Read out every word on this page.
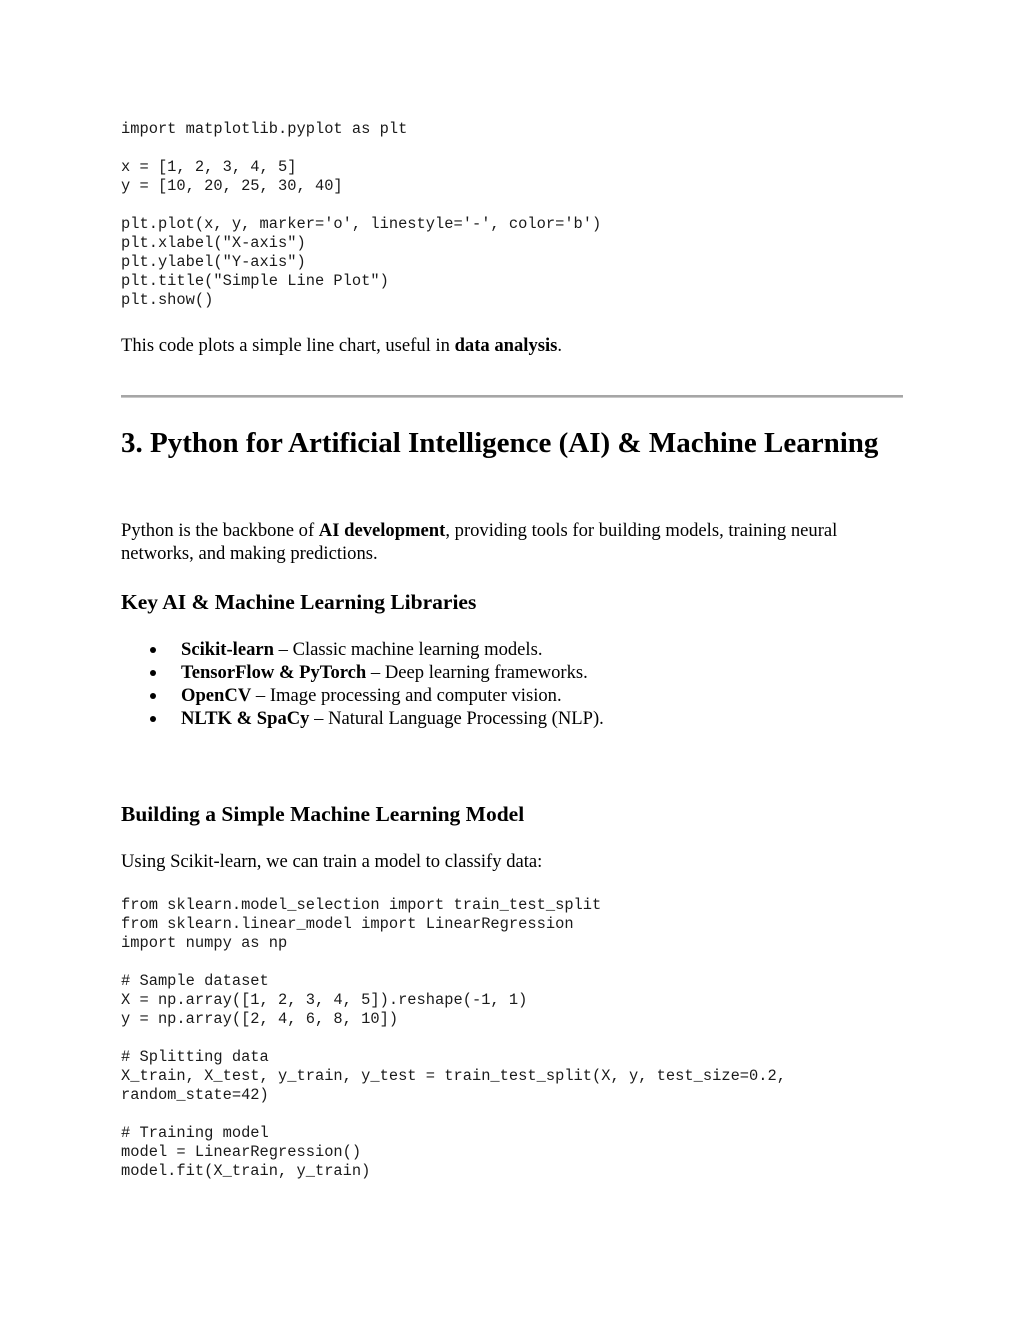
import matplotlib.pyplot as plt
x = [1, 2, 3, 4, 5]
y = [10, 20, 25, 30, 40]
plt.plot(x, y, marker='o', linestyle='-', color='b')
plt.xlabel("X-axis")
plt.ylabel("Y-axis")
plt.title("Simple Line Plot")
plt.show()

This code plots a simple line chart, useful in data analysis.

3. Python for Artificial Intelligence (AI) & Machine Learning

Python is the backbone of AI development, providing tools for building models, training neural networks, and making predictions.

Key AI & Machine Learning Libraries
Scikit-learn – Classic machine learning models.
TensorFlow & PyTorch – Deep learning frameworks.
OpenCV – Image processing and computer vision.
NLTK & SpaCy – Natural Language Processing (NLP).
Building a Simple Machine Learning Model

Using Scikit-learn, we can train a model to classify data:

from sklearn.model_selection import train_test_split
from sklearn.linear_model import LinearRegression
import numpy as np
# Sample dataset
X = np.array([1, 2, 3, 4, 5]).reshape(-1, 1)
y = np.array([2, 4, 6, 8, 10])
# Splitting data
X_train, X_test, y_train, y_test = train_test_split(X, y, test_size=0.2,
random_state=42)
# Training model
model = LinearRegression()
model.fit(X_train, y_train)
